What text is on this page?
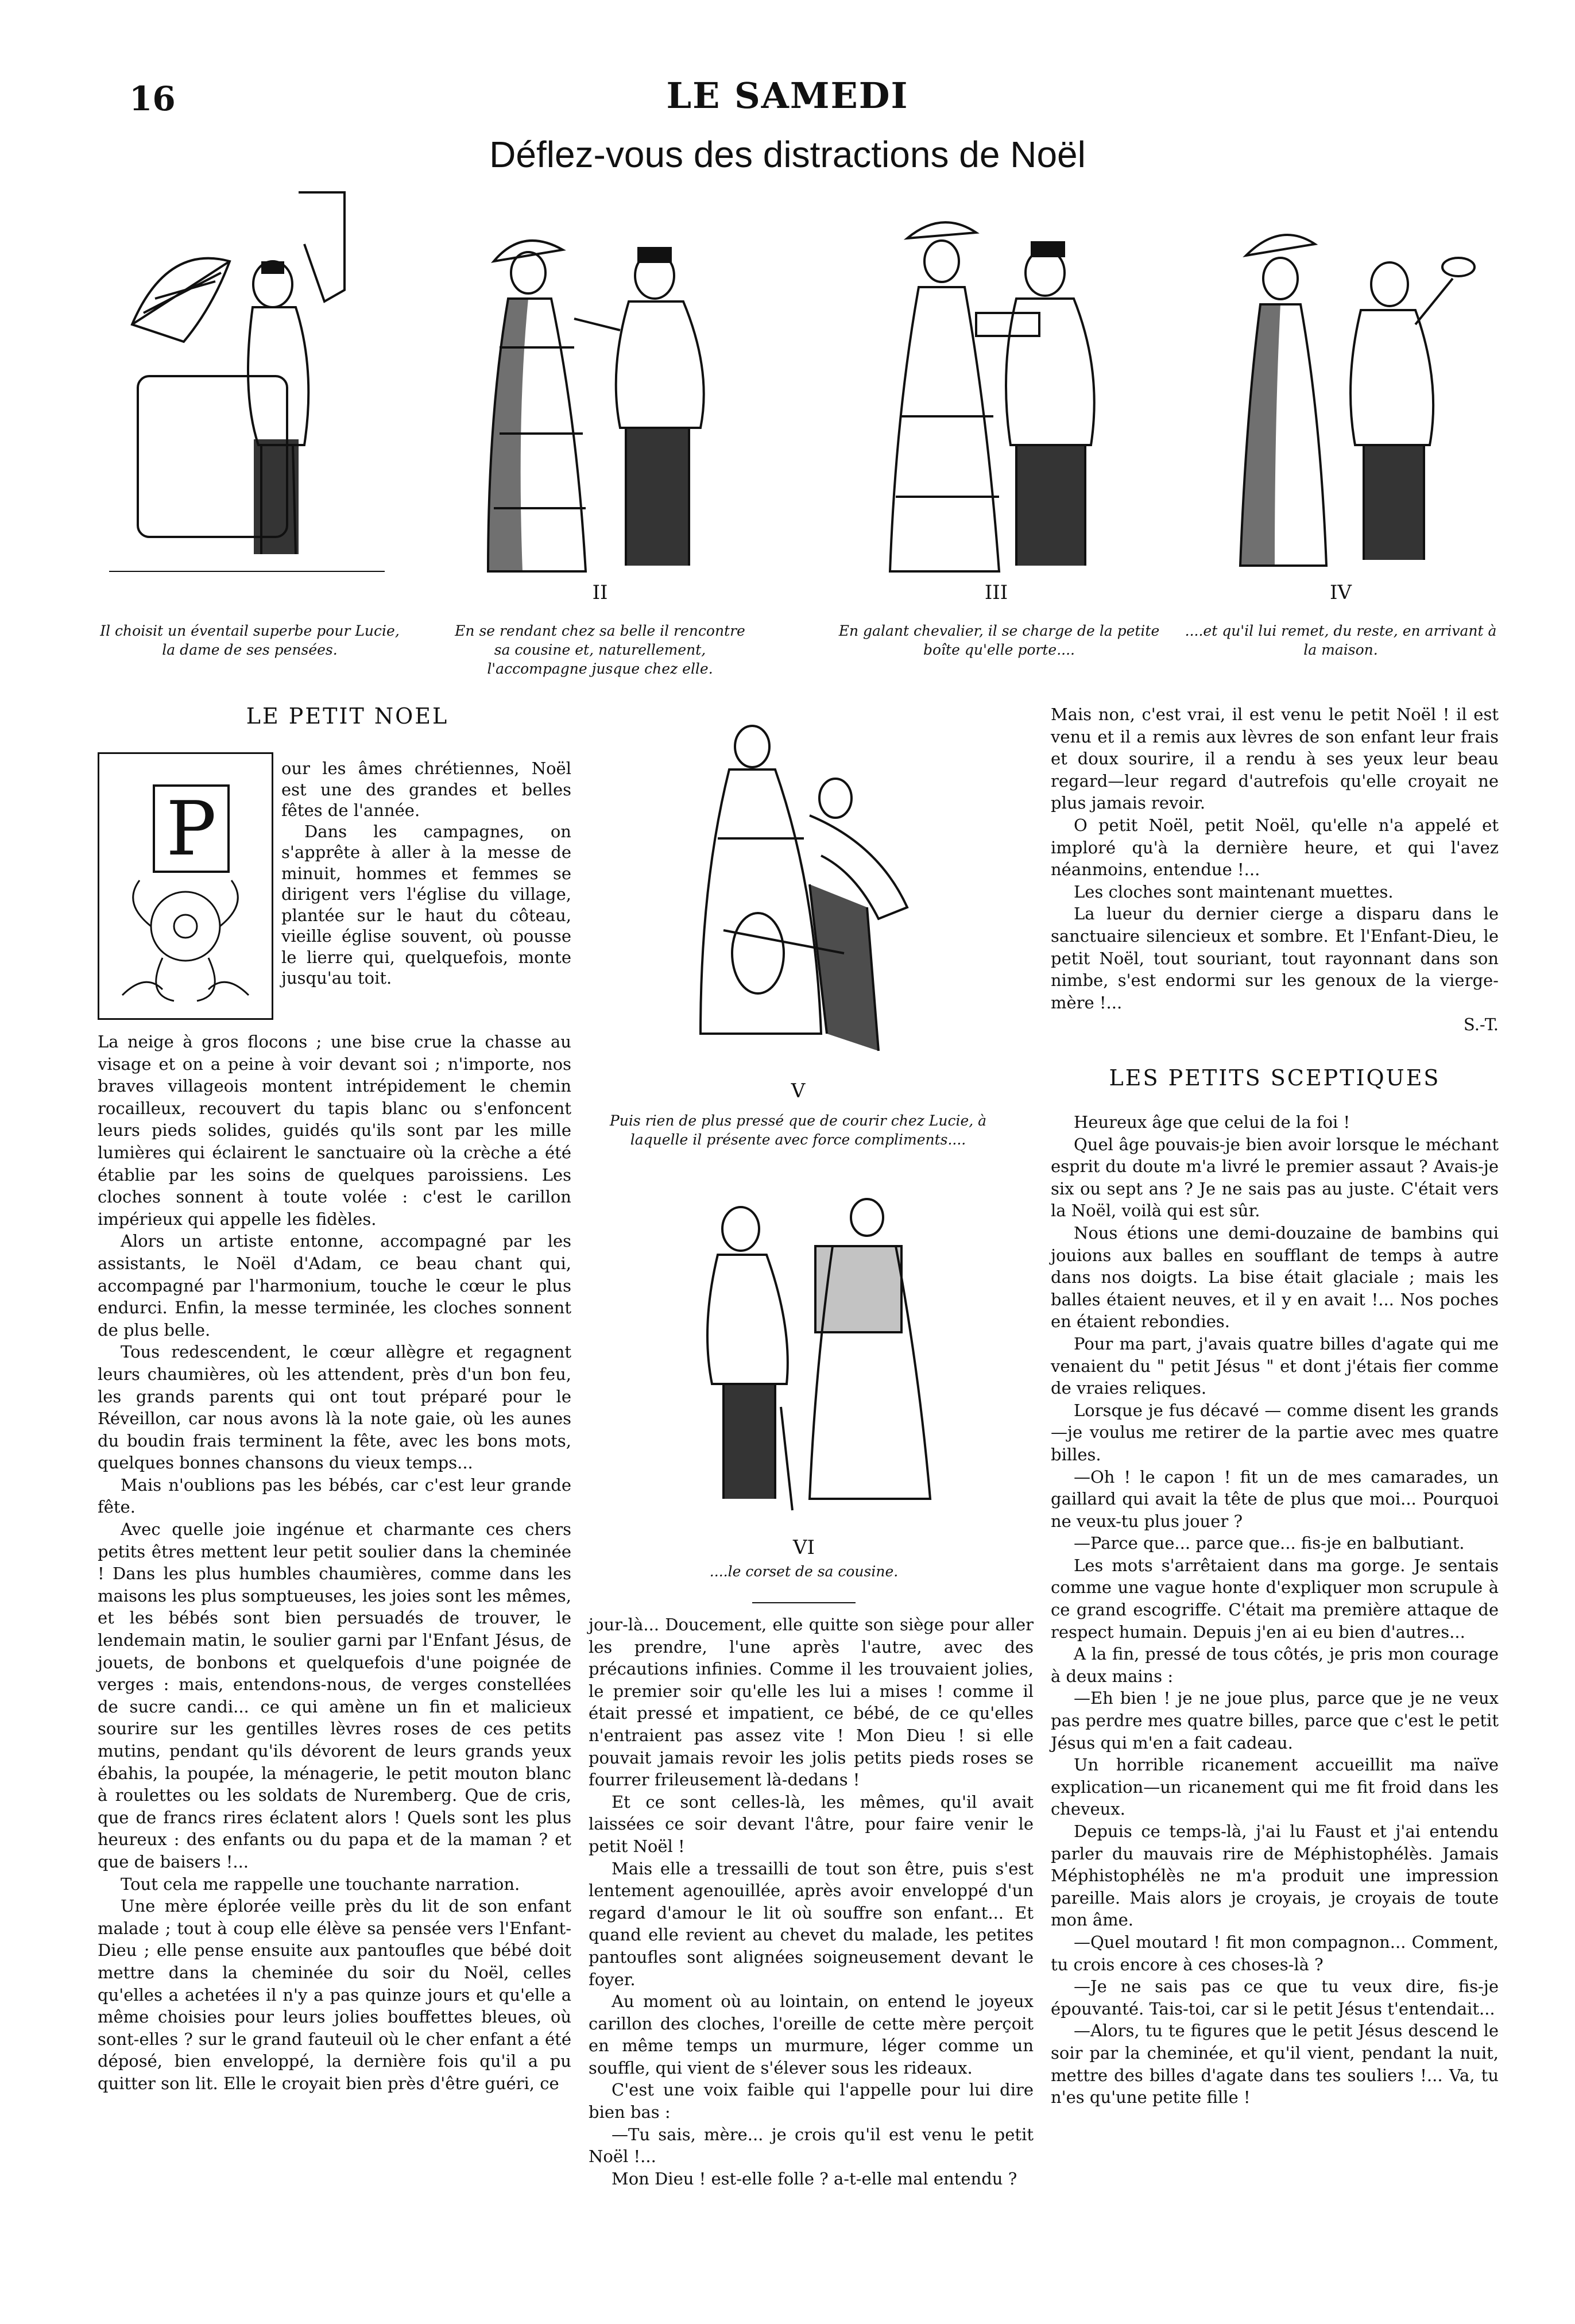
16	LE SAMEDI
Déflez-vous des distractions de Noël
Il choisit un éventail superbe pour Lucie, la dame de ses pensées.
II
En se rendant chez sa belle il rencontre sa cousine et, naturellement, l'accompagne jusque chez elle.
III
En galant chevalier, il se charge de la petite boîte qu'elle porte....
IV
....et qu'il lui remet, du reste, en arrivant à la maison.
V
Puis rien de plus pressé que de courir chez Lucie, à laquelle il présente avec force compliments....
VI
....le corset de sa cousine.
LE PETIT NOEL
P

our les âmes chrétiennes, Noël est une des grandes et belles fêtes de l'année.

Dans les campagnes, on s'apprête à aller à la messe de minuit, hommes et femmes se dirigent vers l'église du village, plantée sur le haut du côteau, vieille église souvent, où pousse le lierre qui, quelquefois, monte jusqu'au toit.

La neige à gros flocons ; une bise crue la chasse au visage et on a peine à voir devant soi ; n'importe, nos braves villageois montent intrépidement le chemin rocailleux, recouvert du tapis blanc ou s'enfoncent leurs pieds solides, guidés qu'ils sont par les mille lumières qui éclairent le sanctuaire où la crèche a été établie par les soins de quelques paroissiens. Les cloches sonnent à toute volée : c'est le carillon impérieux qui appelle les fidèles.

Alors un artiste entonne, accompagné par les assistants, le Noël d'Adam, ce beau chant qui, accompagné par l'harmonium, touche le cœur le plus endurci. Enfin, la messe terminée, les cloches sonnent de plus belle.

Tous redescendent, le cœur allègre et regagnent leurs chaumières, où les attendent, près d'un bon feu, les grands parents qui ont tout préparé pour le Réveillon, car nous avons là la note gaie, où les aunes du boudin frais terminent la fête, avec les bons mots, quelques bonnes chansons du vieux temps...

Mais n'oublions pas les bébés, car c'est leur grande fête.

Avec quelle joie ingénue et charmante ces chers petits êtres mettent leur petit soulier dans la cheminée ! Dans les plus humbles chaumières, comme dans les maisons les plus somptueuses, les joies sont les mêmes, et les bébés sont bien persuadés de trouver, le lendemain matin, le soulier garni par l'Enfant Jésus, de jouets, de bonbons et quelquefois d'une poignée de verges : mais, entendons-nous, de verges constellées de sucre candi... ce qui amène un fin et malicieux sourire sur les gentilles lèvres roses de ces petits mutins, pendant qu'ils dévorent de leurs grands yeux ébahis, la poupée, la ménagerie, le petit mouton blanc à roulettes ou les soldats de Nuremberg. Que de cris, que de francs rires éclatent alors ! Quels sont les plus heureux : des enfants ou du papa et de la maman ? et que de baisers !...

Tout cela me rappelle une touchante narration.

Une mère éplorée veille près du lit de son enfant malade ; tout à coup elle élève sa pensée vers l'Enfant-Dieu ; elle pense ensuite aux pantoufles que bébé doit mettre dans la cheminée du soir du Noël, celles qu'elles a achetées il n'y a pas quinze jours et qu'elle a même choisies pour leurs jolies bouffettes bleues, où sont-elles ? sur le grand fauteuil où le cher enfant a été déposé, bien enveloppé, la dernière fois qu'il a pu quitter son lit. Elle le croyait bien près d'être guéri, ce

jour-là... Doucement, elle quitte son siège pour aller les prendre, l'une après l'autre, avec des précautions infinies. Comme il les trouvaient jolies, le premier soir qu'elle les lui a mises ! comme il était pressé et impatient, ce bébé, de ce qu'elles n'entraient pas assez vite ! Mon Dieu ! si elle pouvait jamais revoir les jolis petits pieds roses se fourrer frileusement là-dedans !

Et ce sont celles-là, les mêmes, qu'il avait laissées ce soir devant l'âtre, pour faire venir le petit Noël !

Mais elle a tressailli de tout son être, puis s'est lentement agenouillée, après avoir enveloppé d'un regard d'amour le lit où souffre son enfant... Et quand elle revient au chevet du malade, les petites pantoufles sont alignées soigneusement devant le foyer.

Au moment où au lointain, on entend le joyeux carillon des cloches, l'oreille de cette mère perçoit en même temps un murmure, léger comme un souffle, qui vient de s'élever sous les rideaux.

C'est une voix faible qui l'appelle pour lui dire bien bas :

—Tu sais, mère... je crois qu'il est venu le petit Noël !...

Mon Dieu ! est-elle folle ? a-t-elle mal entendu ?

Mais non, c'est vrai, il est venu le petit Noël ! il est venu et il a remis aux lèvres de son enfant leur frais et doux sourire, il a rendu à ses yeux leur beau regard—leur regard d'autrefois qu'elle croyait ne plus jamais revoir.

O petit Noël, petit Noël, qu'elle n'a appelé et imploré qu'à la dernière heure, et qui l'avez néanmoins, entendue !...

Les cloches sont maintenant muettes.

La lueur du dernier cierge a disparu dans le sanctuaire silencieux et sombre. Et l'Enfant-Dieu, le petit Noël, tout souriant, tout rayonnant dans son nimbe, s'est endormi sur les genoux de la vierge-mère !...

S.-T.
LES PETITS SCEPTIQUES

Heureux âge que celui de la foi !

Quel âge pouvais-je bien avoir lorsque le méchant esprit du doute m'a livré le premier assaut ? Avais-je six ou sept ans ? Je ne sais pas au juste. C'était vers la Noël, voilà qui est sûr.

Nous étions une demi-douzaine de bambins qui jouions aux balles en soufflant de temps à autre dans nos doigts. La bise était glaciale ; mais les balles étaient neuves, et il y en avait !... Nos poches en étaient rebondies.

Pour ma part, j'avais quatre billes d'agate qui me venaient du " petit Jésus " et dont j'étais fier comme de vraies reliques.

Lorsque je fus décavé — comme disent les grands—je voulus me retirer de la partie avec mes quatre billes.

—Oh ! le capon ! fit un de mes camarades, un gaillard qui avait la tête de plus que moi... Pourquoi ne veux-tu plus jouer ?

—Parce que... parce que... fis-je en balbutiant.

Les mots s'arrêtaient dans ma gorge. Je sentais comme une vague honte d'expliquer mon scrupule à ce grand escogriffe. C'était ma première attaque de respect humain. Depuis j'en ai eu bien d'autres...

A la fin, pressé de tous côtés, je pris mon courage à deux mains :

—Eh bien ! je ne joue plus, parce que je ne veux pas perdre mes quatre billes, parce que c'est le petit Jésus qui m'en a fait cadeau.

Un horrible ricanement accueillit ma naïve explication—un ricanement qui me fit froid dans les cheveux.

Depuis ce temps-là, j'ai lu Faust et j'ai entendu parler du mauvais rire de Méphistophélès. Jamais Méphistophélès ne m'a produit une impression pareille. Mais alors je croyais, je croyais de toute mon âme.

—Quel moutard ! fit mon compagnon... Comment, tu crois encore à ces choses-là ?

—Je ne sais pas ce que tu veux dire, fis-je épouvanté. Tais-toi, car si le petit Jésus t'entendait...

—Alors, tu te figures que le petit Jésus descend le soir par la cheminée, et qu'il vient, pendant la nuit, mettre des billes d'agate dans tes souliers !... Va, tu n'es qu'une petite fille !
